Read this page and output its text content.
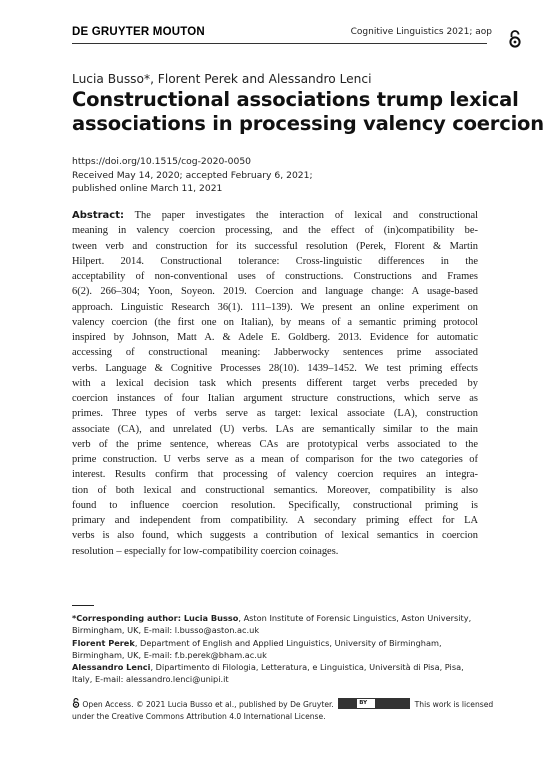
DE GRUYTER MOUTON	Cognitive Linguistics 2021; aop
Lucia Busso*, Florent Perek and Alessandro Lenci
Constructional associations trump lexical
associations in processing valency coercion
https://doi.org/10.1515/cog-2020-0050
Received May 14, 2020; accepted February 6, 2021;
published online March 11, 2021
Abstract: The paper investigates the interaction of lexical and constructional
meaning in valency coercion processing, and the effect of (in)compatibility be-
tween verb and construction for its successful resolution (Perek, Florent & Martin
Hilpert. 2014. Constructional tolerance: Cross-linguistic differences in the
acceptability of non-conventional uses of constructions. Constructions and Frames
6(2). 266–304; Yoon, Soyeon. 2019. Coercion and language change: A usage-based
approach. Linguistic Research 36(1). 111–139). We present an online experiment on
valency coercion (the first one on Italian), by means of a semantic priming protocol
inspired by Johnson, Matt A. & Adele E. Goldberg. 2013. Evidence for automatic
accessing of constructional meaning: Jabberwocky sentences prime associated
verbs. Language & Cognitive Processes 28(10). 1439–1452. We test priming effects
with a lexical decision task which presents different target verbs preceded by
coercion instances of four Italian argument structure constructions, which serve as
primes. Three types of verbs serve as target: lexical associate (LA), construction
associate (CA), and unrelated (U) verbs. LAs are semantically similar to the main
verb of the prime sentence, whereas CAs are prototypical verbs associated to the
prime construction. U verbs serve as a mean of comparison for the two categories of
interest. Results confirm that processing of valency coercion requires an integra-
tion of both lexical and constructional semantics. Moreover, compatibility is also
found to influence coercion resolution. Specifically, constructional priming is
primary and independent from compatibility. A secondary priming effect for LA
verbs is also found, which suggests a contribution of lexical semantics in coercion
resolution – especially for low-compatibility coercion coinages.
*Corresponding author: Lucia Busso, Aston Institute of Forensic Linguistics, Aston University,
Birmingham, UK, E-mail: l.busso@aston.ac.uk
Florent Perek, Department of English and Applied Linguistics, University of Birmingham,
Birmingham, UK, E-mail: f.b.perek@bham.ac.uk
Alessandro Lenci, Dipartimento di Filologia, Letteratura, e Linguistica, Università di Pisa, Pisa,
Italy, E-mail: alessandro.lenci@unipi.it
Open Access. © 2021 Lucia Busso et al., published by De Gruyter.	BY	This work is licensed
under the Creative Commons Attribution 4.0 International License.
